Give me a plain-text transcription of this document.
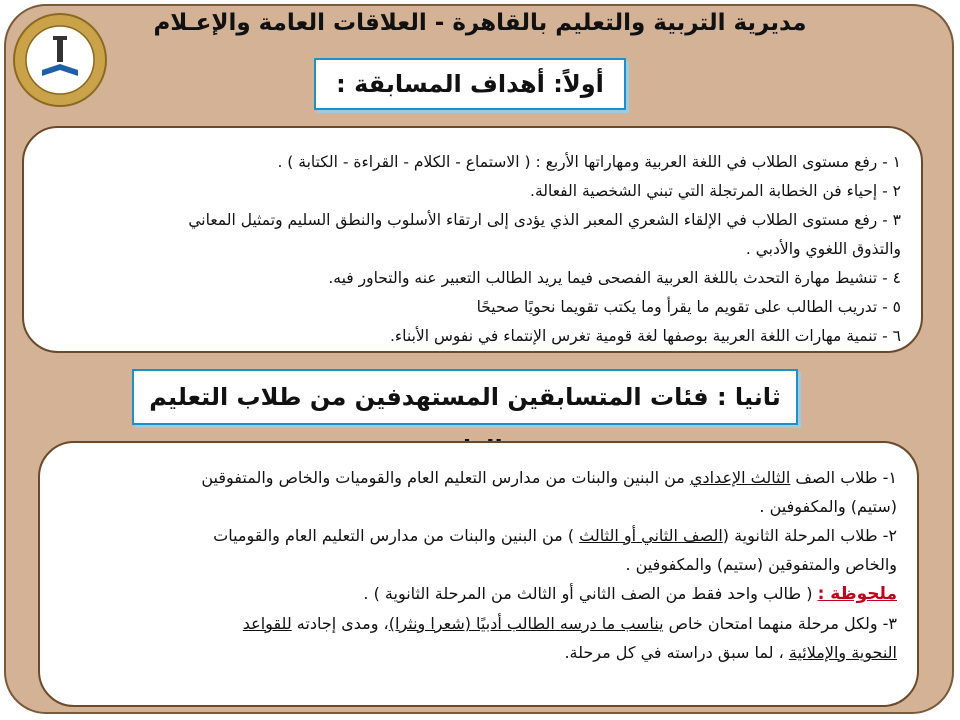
مديرية التربية والتعليم بالقاهرة - العلاقات العامة والإعـلام
أولاً: أهداف المسابقة :
١ - رفع مستوى الطلاب في اللغة العربية ومهاراتها الأربع : ( الاستماع - الكلام - القراءة - الكتابة ) .
٢ - إحياء فن الخطابة المرتجلة التي تبني الشخصية الفعالة.
٣ - رفع مستوى الطلاب في الإلقاء الشعري المعبر الذي يؤدى إلى ارتقاء الأسلوب والنطق السليم وتمثيل المعاني
والتذوق اللغوي والأدبي .
٤ - تنشيط مهارة التحدث باللغة العربية الفصحى فيما يريد الطالب التعبير عنه والتحاور فيه.
٥ - تدريب الطالب على تقويم ما يقرأ وما يكتب تقويما نحويًا صحيحًا
٦ - تنمية مهارات اللغة العربية بوصفها لغة قومية تغرس الإنتماء في نفوس الأبناء.
ثانيا : فئات المتسابقين المستهدفين من طلاب التعليم
١- طلاب الصف الثالث الإعدادي من البنين والبنات من مدارس التعليم العام والقوميات والخاص والمتفوقين
(ستيم) والمكفوفين .
٢- طلاب المرحلة الثانوية (الصف الثاني أو الثالث ) من البنين والبنات من مدارس التعليم العام والقوميات
والخاص والمتفوقين (ستيم) والمكفوفين .
ملحوظة : ( طالب واحد فقط من الصف الثاني أو الثالث من المرحلة الثانوية ) .
٣- ولكل مرحلة منهما امتحان خاص يناسب ما درسه الطالب أدبيًا (شعرا ونثرا)، ومدى إجادته للقواعد
النحوية والإملائية ، لما سبق دراسته في كل مرحلة.
